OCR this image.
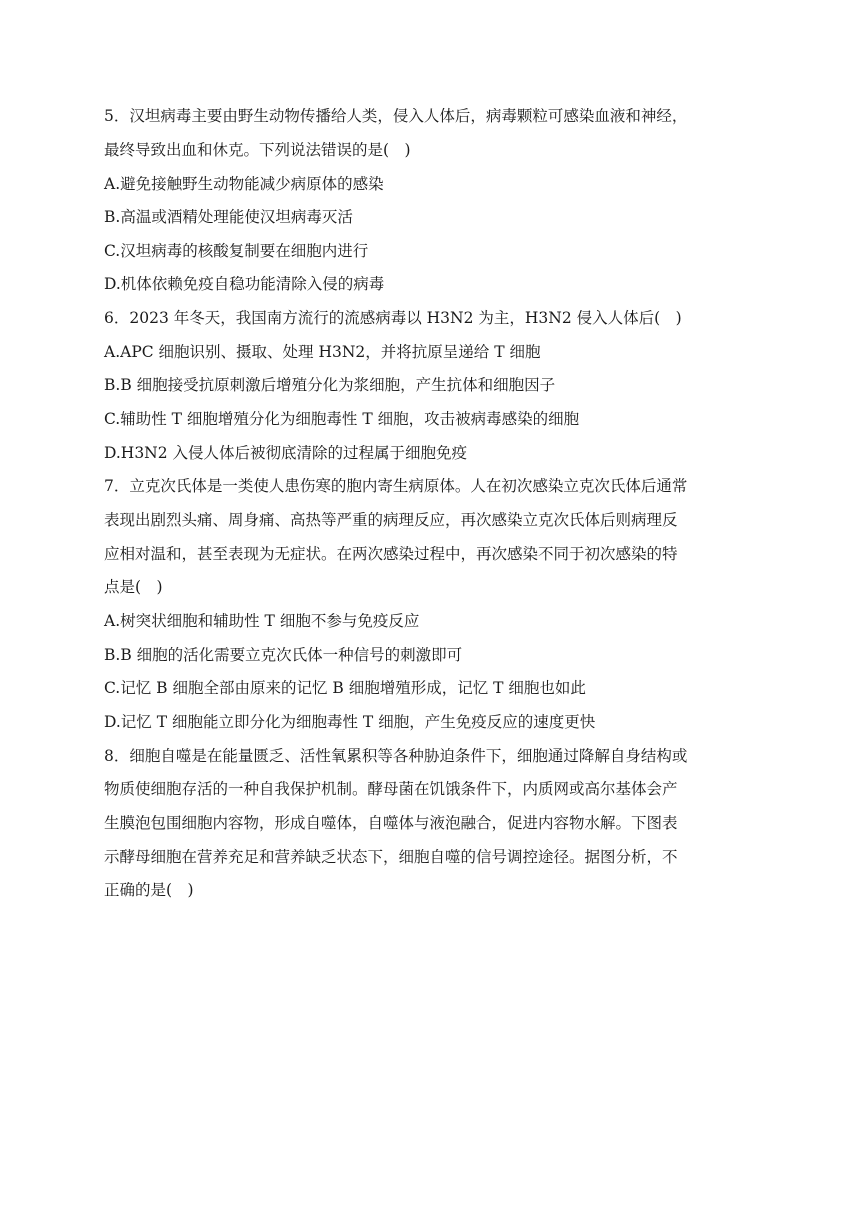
5．汉坦病毒主要由野生动物传播给人类，侵入人体后，病毒颗粒可感染血液和神经，
最终导致出血和休克。下列说法错误的是(　)
A.避免接触野生动物能减少病原体的感染
B.高温或酒精处理能使汉坦病毒灭活
C.汉坦病毒的核酸复制要在细胞内进行
D.机体依赖免疫自稳功能清除入侵的病毒
6．2023 年冬天，我国南方流行的流感病毒以 H3N2 为主，H3N2 侵入人体后(　)
A.APC 细胞识别、摄取、处理 H3N2，并将抗原呈递给 T 细胞
B.B 细胞接受抗原刺激后增殖分化为浆细胞，产生抗体和细胞因子
C.辅助性 T 细胞增殖分化为细胞毒性 T 细胞，攻击被病毒感染的细胞
D.H3N2 入侵人体后被彻底清除的过程属于细胞免疫
7．立克次氏体是一类使人患伤寒的胞内寄生病原体。人在初次感染立克次氏体后通常
表现出剧烈头痛、周身痛、高热等严重的病理反应，再次感染立克次氏体后则病理反
应相对温和，甚至表现为无症状。在两次感染过程中，再次感染不同于初次感染的特
点是(　)
A.树突状细胞和辅助性 T 细胞不参与免疫反应
B.B 细胞的活化需要立克次氏体一种信号的刺激即可
C.记忆 B 细胞全部由原来的记忆 B 细胞增殖形成，记忆 T 细胞也如此
D.记忆 T 细胞能立即分化为细胞毒性 T 细胞，产生免疫反应的速度更快
8．细胞自噬是在能量匮乏、活性氧累积等各种胁迫条件下，细胞通过降解自身结构或
物质使细胞存活的一种自我保护机制。酵母菌在饥饿条件下，内质网或高尔基体会产
生膜泡包围细胞内容物，形成自噬体，自噬体与液泡融合，促进内容物水解。下图表
示酵母细胞在营养充足和营养缺乏状态下，细胞自噬的信号调控途径。据图分析，不
正确的是(　)
